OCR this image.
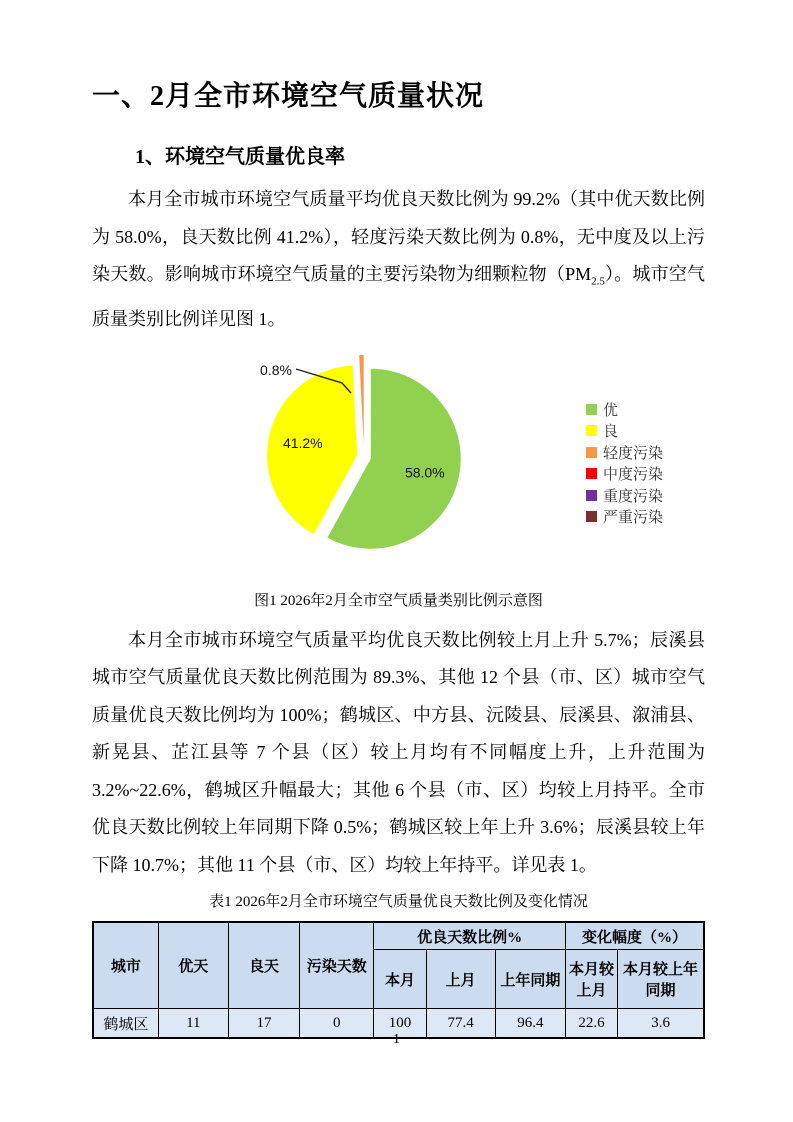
一、2月全市环境空气质量状况
1、环境空气质量优良率

本月全市城市环境空气质量平均优良天数比例为 99.2%（其中优天数比例为 58.0%，良天数比例 41.2%），轻度污染天数比例为 0.8%，无中度及以上污染天数。影响城市环境空气质量的主要污染物为细颗粒物$(PM_{2.5})$。城市空气质量类别比例详见图 1。

58.0%
41.2%
0.8%
优
良
轻度污染
中度污染
重度污染
严重污染

图1 2026年2月全市空气质量类别比例示意图

本月全市城市环境空气质量平均优良天数比例较上月上升 5.7%；辰溪县城市空气质量优良天数比例范围为 89.3%、其他 12 个县（市、区）城市空气质量优良天数比例均为 100%；鹤城区、中方县、沅陵县、辰溪县、溆浦县、新晃县、芷江县等 7 个县（区）较上月均有不同幅度上升，上升范围为 3.2%~22.6%，鹤城区升幅最大；其他 6 个县（市、区）均较上月持平。全市优良天数比例较上年同期下降 0.5%；鹤城区较上年上升 3.6%；辰溪县较上年下降 10.7%；其他 11 个县（市、区）均较上年持平。详见表 1。

表1 2026年2月全市环境空气质量优良天数比例及变化情况

城市	优天	良天	污染天数	优良天数比例%			变化幅度（%）	
				本月	上月	上年同期	本月较上月	本月较上年同期
鹤城区	11	17	0	100	77.4	96.4	22.6	3.6
1
